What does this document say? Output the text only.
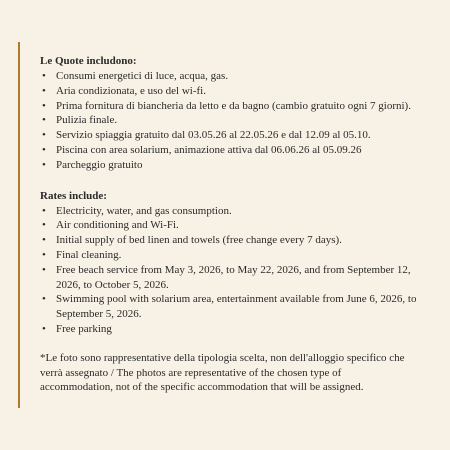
Le Quote includono:

• Consumi energetici di luce, acqua, gas.
• Aria condizionata, e uso del wi-fi.
• Prima fornitura di biancheria da letto e da bagno (cambio gratuito ogni 7 giorni).
• Pulizia finale.
• Servizio spiaggia gratuito dal 03.05.26 al 22.05.26 e dal 12.09 al 05.10.
• Piscina con area solarium, animazione attiva dal 06.06.26 al 05.09.26
• Parcheggio gratuito

Rates include:

• Electricity, water, and gas consumption.
• Air conditioning and Wi-Fi.
• Initial supply of bed linen and towels (free change every 7 days).
• Final cleaning.
• Free beach service from May 3, 2026, to May 22, 2026, and from September 12,
2026, to October 5, 2026.
• Swimming pool with solarium area, entertainment available from June 6, 2026, to
September 5, 2026.
• Free parking
*Le foto sono rappresentative della tipologia scelta, non dell'alloggio specifico che
verrà assegnato / The photos are representative of the chosen type of
accommodation, not of the specific accommodation that will be assigned.
